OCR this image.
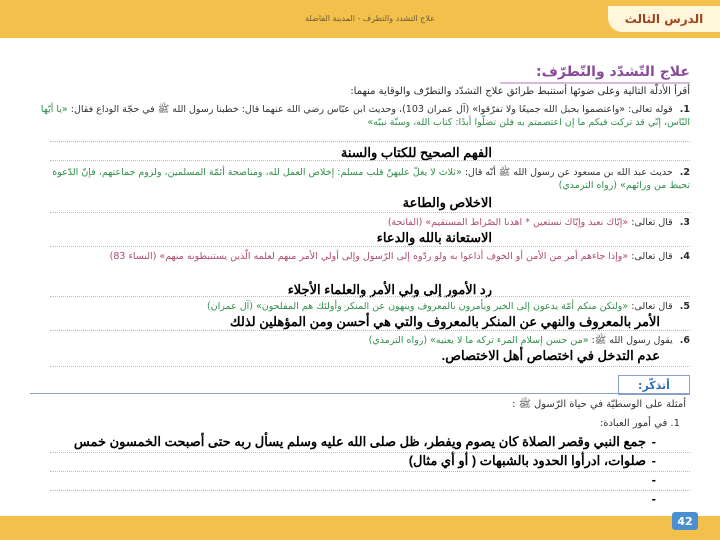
الدرس الثالث
علاج التشدد والتطرف - المدينة الفاضلة
علاج التّشدّد والتّطرّف:
أقرأ الأدلّة التالية وعلى ضوئها أستنبط طرائق علاج التشدّد والتطرّف والوقاية منهما:
1. قوله تعالى: «واعتصموا بحبل الله جميعًا ولا تفرّقوا» (آل عمران 103)، وحديث ابن عبّاس رضي الله عنهما قال: خطبنا رسول الله ﷺ في حجّة الوداع فقال: «يا أيّها النّاس، إنّي قد تركت فيكم ما إن اعتصمتم به فلن تضلّوا أبدًا: كتاب الله، وسنّة نبيّه»
الفهم الصحيح للكتاب والسنة
2. حديث عبد الله بن مسعود عن رسول الله ﷺ أنّه قال: «ثلاث لا يغلّ عليهنّ قلب مسلم: إخلاص العمل لله، ومناصحة أئمّة المسلمين، ولزوم جماعتهم، فإنّ الدّعوة تحيط من ورائهم» (رواه الترمذي)
الاخلاص والطاعة
3. قال تعالى: «إيّاك نعبد وإيّاك نستعين * اهدنا الصّراط المستقيم» (الفاتحة)
الاستعانة بالله والدعاء
4. قال تعالى: «وإذا جاءهم أمر من الأمن أو الخوف أذاعوا به ولو ردّوه إلى الرّسول وإلى أولي الأمر منهم لعلمه الّذين يستنبطونه منهم» (النساء 83)
رد الأمور إلى ولي الأمر والعلماء الأجلاء
5. قال تعالى: «ولتكن منكم أمّة يدعون إلى الخير ويأمرون بالمعروف وينهون عن المنكر وأولئك هم المفلحون» (آل عمران)
الأمر بالمعروف والنهي عن المنكر بالمعروف والتي هي أحسن ومن المؤهلين لذلك
6. يقول رسول الله ﷺ: «من حسن إسلام المرء تركه ما لا يعنيه» (رواه الترمذي)
عدم التدخل في اختصاص أهل الاختصاص.
أتذكّر:
أمثلة على الوسطيّة في حياة الرّسول ﷺ :
1. في أمور العبادة:
-
جمع النبي وقصر الصلاة كان يصوم ويفطر، ظل صلى الله عليه وسلم يسأل ربه حتى أصبحت الخمسون خمس
-
صلوات، ادرأوا الحدود بالشبهات ( أو أي مثال)
-
-
42
